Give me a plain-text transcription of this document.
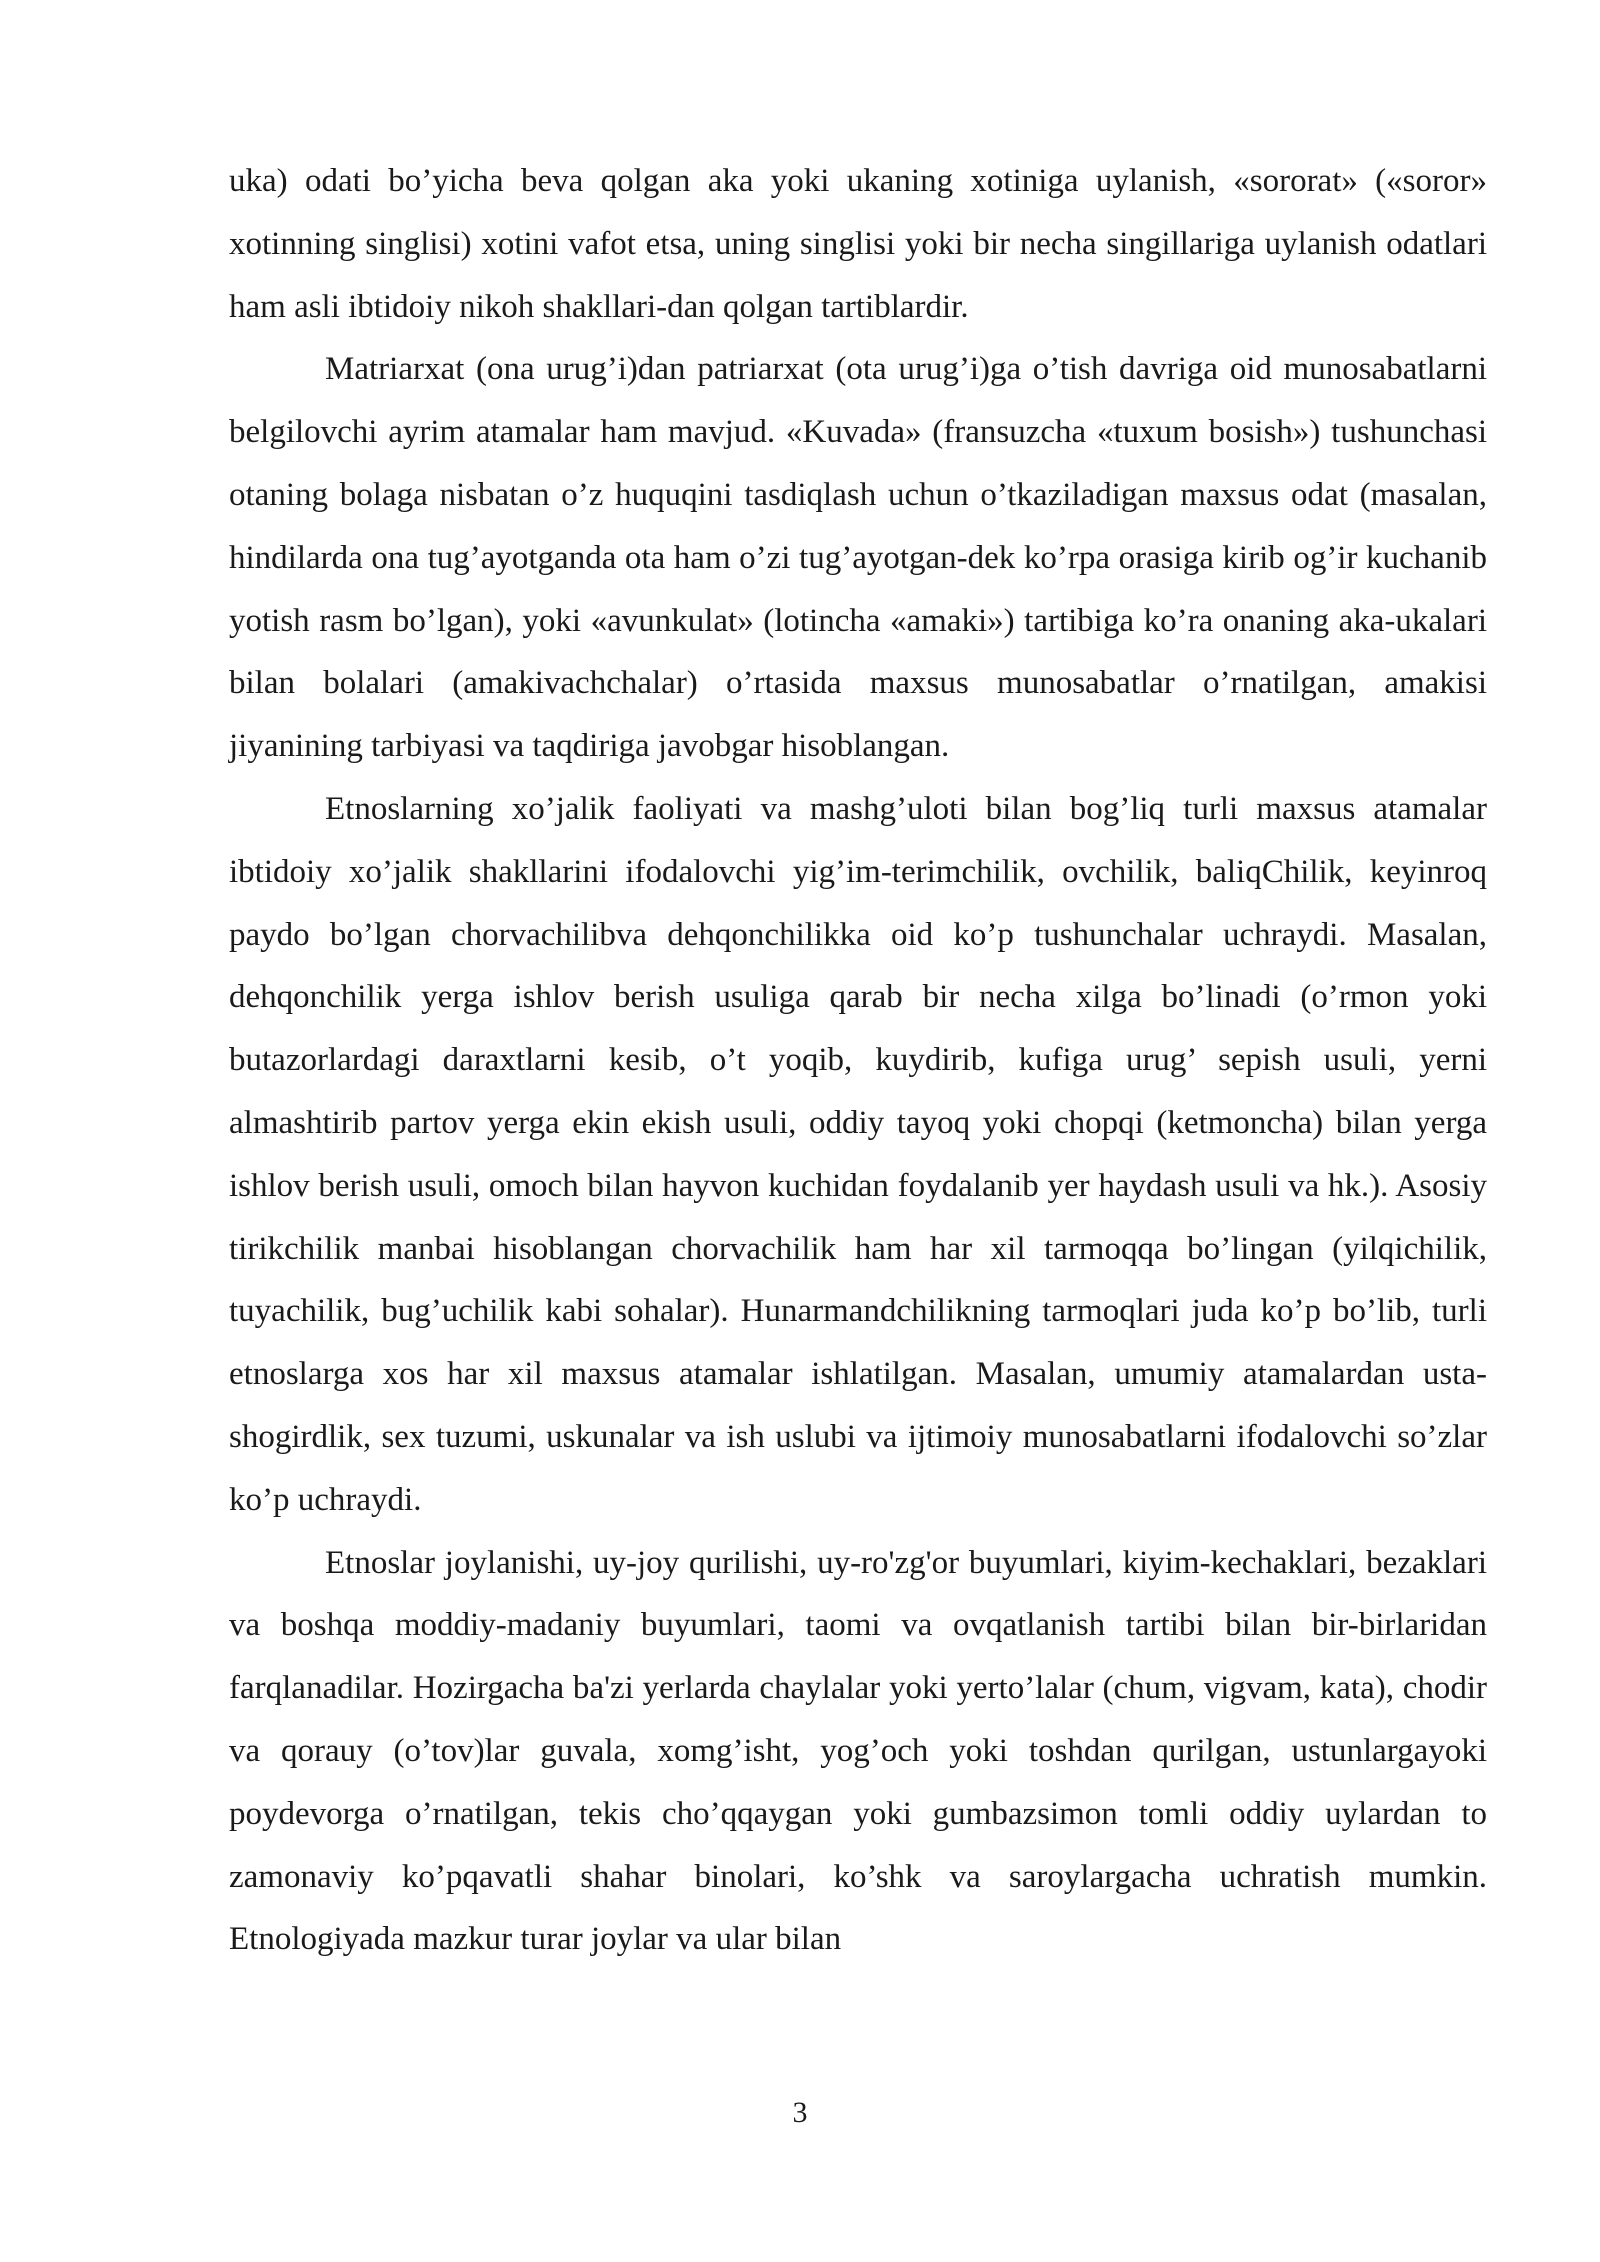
uka) odati bo’yicha beva qolgan aka yoki ukaning xotiniga uylanish, «sororat» («soror» xotinning singlisi) xotini vafot etsa, uning singlisi yoki bir necha singillariga uylanish odatlari ham asli ibtidoiy nikoh shakllari-dan qolgan tartiblardir.

Matriarxat (ona urug’i)dan patriarxat (ota urug’i)ga o’tish davriga oid munosabatlarni belgilovchi ayrim atamalar ham mavjud. «Kuvada» (fransuzcha «tuxum bosish») tushunchasi otaning bolaga nisbatan o’z huquqini tasdiqlash uchun o’tkaziladigan maxsus odat (masalan, hindilarda ona tug’ayotganda ota ham o’zi tug’ayotgan-dek ko’rpa orasiga kirib og’ir kuchanib yotish rasm bo’lgan), yoki «avunkulat» (lotincha «amaki») tartibiga ko’ra onaning aka-ukalari bilan bolalari (amakivachchalar) o’rtasida maxsus munosabatlar o’rnatilgan, amakisi jiyanining tarbiyasi va taqdiriga javobgar hisoblangan.

Etnoslarning xo’jalik faoliyati va mashg’uloti bilan bog’liq turli maxsus atamalar ibtidoiy xo’jalik shakllarini ifodalovchi yig’im-terimchilik, ovchilik, baliqChilik, keyinroq paydo bo’lgan chorvachilibva dehqonchilikka oid ko’p tushunchalar uchraydi. Masalan, dehqonchilik yerga ishlov berish usuliga qarab bir necha xilga bo’linadi (o’rmon yoki butazorlardagi daraxtlarni kesib, o’t yoqib, kuydirib, kufiga urug’ sepish usuli, yerni almashtirib partov yerga ekin ekish usuli, oddiy tayoq yoki chopqi (ketmoncha) bilan yerga ishlov berish usuli, omoch bilan hayvon kuchidan foydalanib yer haydash usuli va hk.). Asosiy tirikchilik manbai hisoblangan chorvachilik ham har xil tarmoqqa bo’lingan (yilqichilik, tuyachilik, bug’uchilik kabi sohalar). Hunarmandchilikning tarmoqlari juda ko’p bo’lib, turli etnoslarga xos har xil maxsus atamalar ishlatilgan. Masalan, umumiy atamalardan usta-shogirdlik, sex tuzumi, uskunalar va ish uslubi va ijtimoiy munosabatlarni ifodalovchi so’zlar ko’p uchraydi.

Etnoslar joylanishi, uy-joy qurilishi, uy-ro'zg'or buyumlari, kiyim-kechaklari, bezaklari va boshqa moddiy-madaniy buyumlari, taomi va ovqatlanish tartibi bilan bir-birlaridan farqlanadilar. Hozirgacha ba'zi yerlarda chaylalar yoki yerto’lalar (chum, vigvam, kata), chodir va qorauy (o’tov)lar guvala, xomg’isht, yog’och yoki toshdan qurilgan, ustunlargayoki poydevorga o’rnatilgan, tekis cho’qqaygan yoki gumbazsimon tomli oddiy uylardan to zamonaviy ko’pqavatli shahar binolari, ko’shk va saroylargacha uchratish mumkin. Etnologiyada mazkur turar joylar va ular bilan

3
